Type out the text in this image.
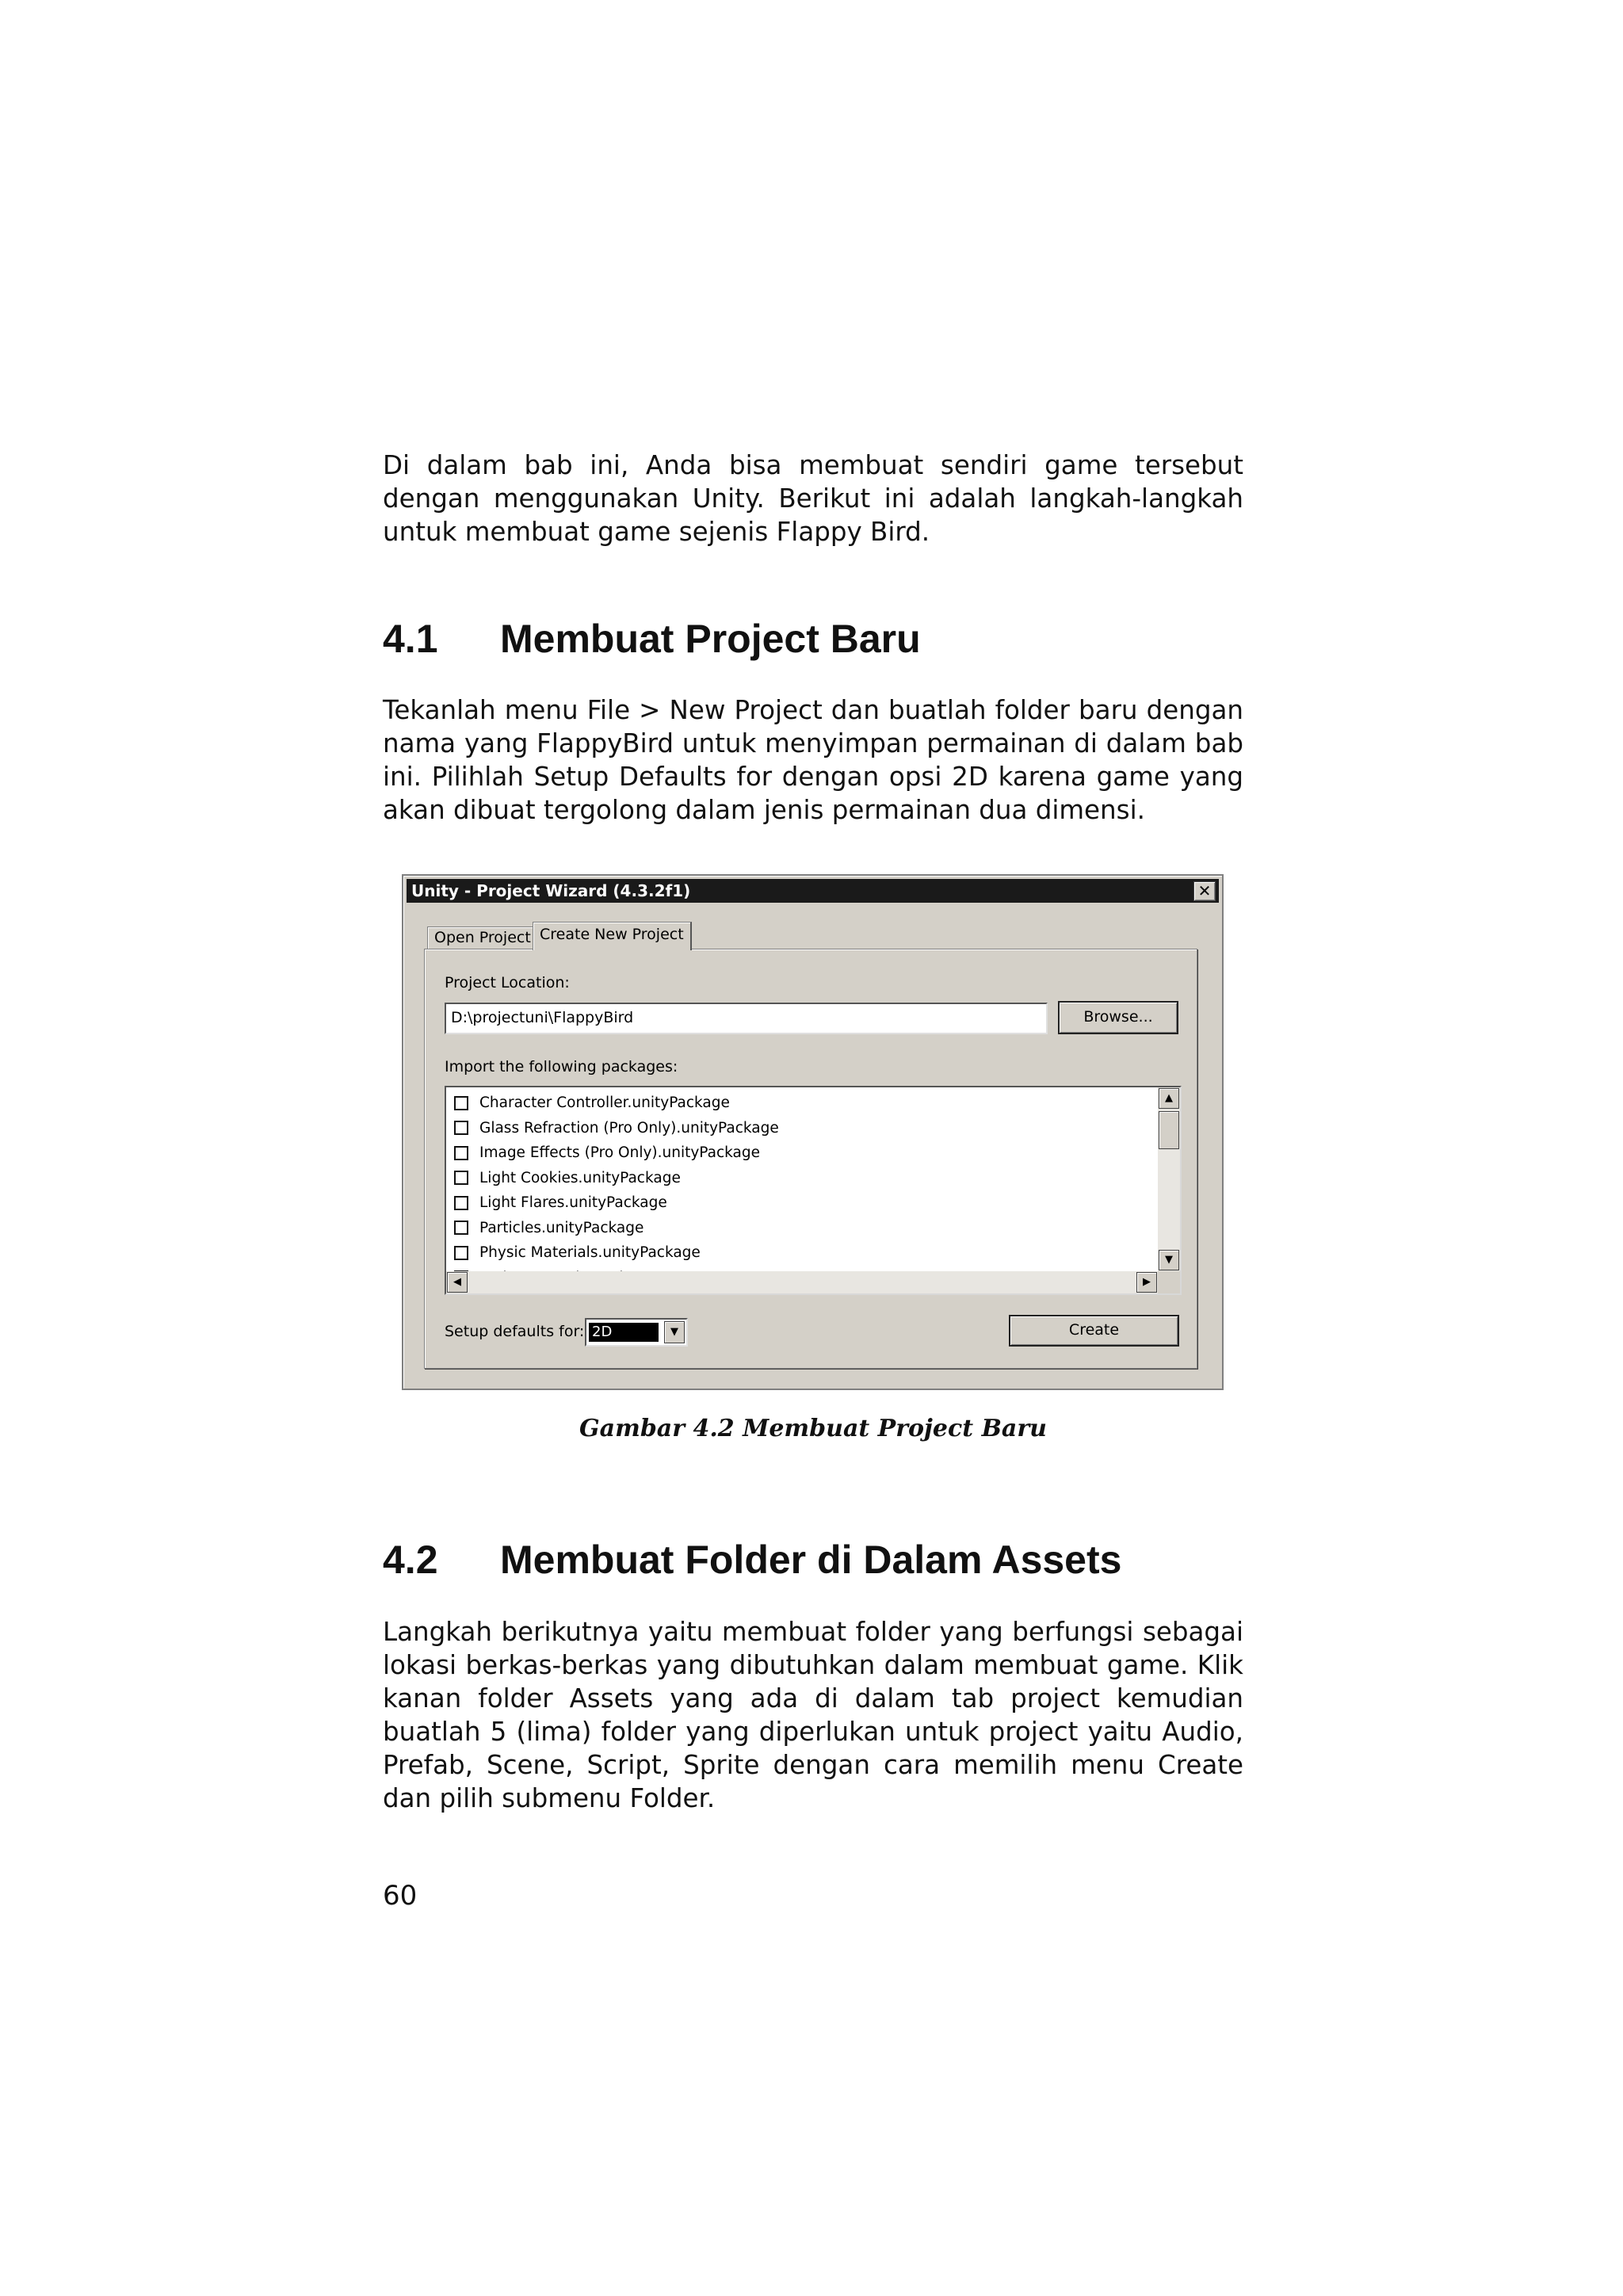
Di dalam bab ini, Anda bisa membuat sendiri game tersebut dengan menggunakan Unity. Berikut ini adalah langkah-langkah untuk membuat game sejenis Flappy Bird.

4.1 Membuat Project Baru

Tekanlah menu File > New Project dan buatlah folder baru dengan nama yang FlappyBird untuk menyimpan permainan di dalam bab ini. Pilihlah Setup Defaults for dengan opsi 2D karena game yang akan dibuat tergolong dalam jenis permainan dua dimensi.

Unity - Project Wizard (4.3.2f1)	✕
Open Project Create New Project
Project Location:
D:\projectuni\FlappyBird	Browse...
Import the following packages:
Character Controller.unityPackage
Glass Refraction (Pro Only).unityPackage
Image Effects (Pro Only).unityPackage
Light Cookies.unityPackage
Light Flares.unityPackage
Particles.unityPackage
Physic Materials.unityPackage
▲
▼
◀	▶
Setup defaults for: 2D	▼	Create

Gambar 4.2 Membuat Project Baru

4.2 Membuat Folder di Dalam Assets

Langkah berikutnya yaitu membuat folder yang berfungsi sebagai lokasi berkas-berkas yang dibutuhkan dalam membuat game. Klik kanan folder Assets yang ada di dalam tab project kemudian buatlah 5 (lima) folder yang diperlukan untuk project yaitu Audio, Prefab, Scene, Script, Sprite dengan cara memilih menu Create dan pilih submenu Folder.

60
